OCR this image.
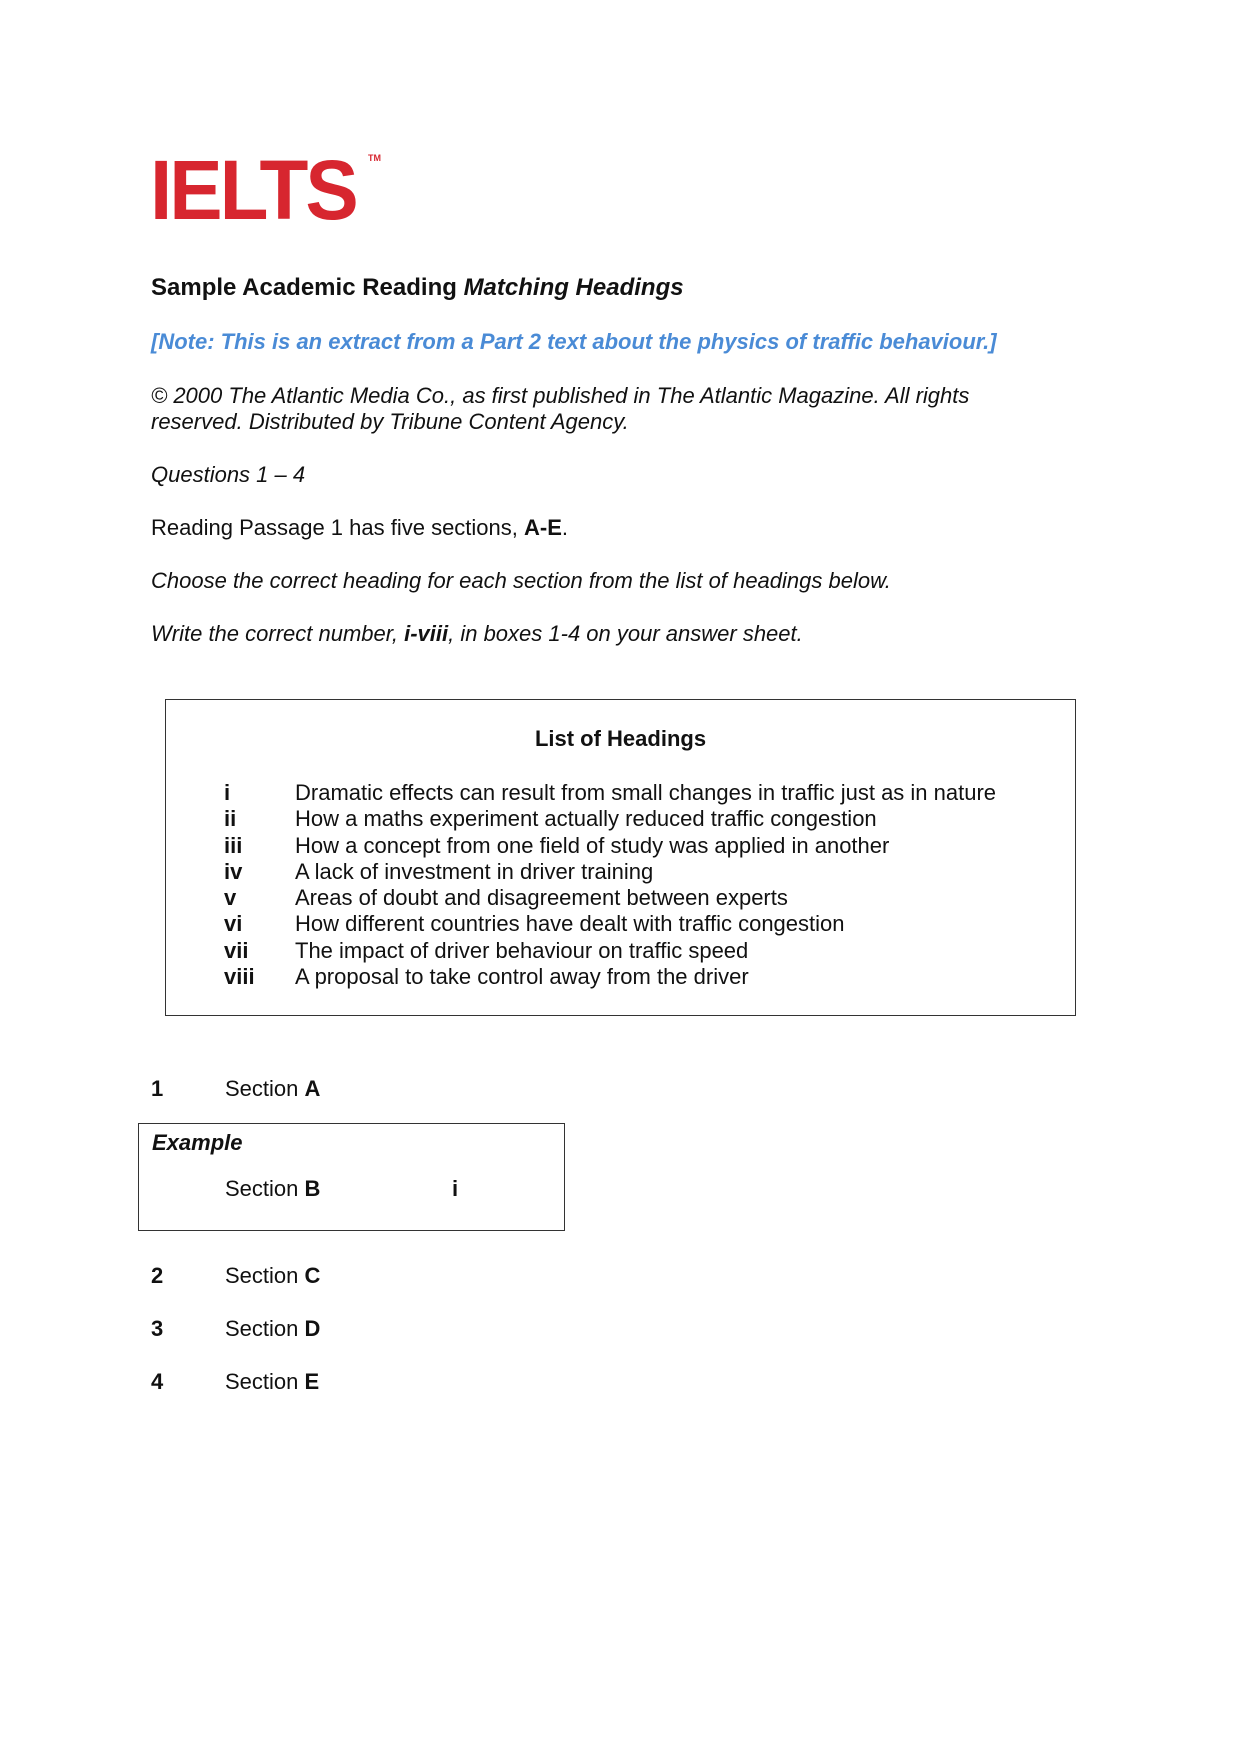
IELTS TM
Sample Academic Reading Matching Headings
[Note: This is an extract from a Part 2 text about the physics of traffic behaviour.]
© 2000 The Atlantic Media Co., as first published in The Atlantic Magazine. All rights reserved. Distributed by Tribune Content Agency.
Questions 1 – 4
Reading Passage 1 has five sections, A-E.
Choose the correct heading for each section from the list of headings below.
Write the correct number, i-viii, in boxes 1-4 on your answer sheet.
List of Headings
i	Dramatic effects can result from small changes in traffic just as in nature
ii	How a maths experiment actually reduced traffic congestion
iii How a concept from one field of study was applied in another
iv A lack of investment in driver training
v	Areas of doubt and disagreement between experts
vi How different countries have dealt with traffic congestion
vii The impact of driver behaviour on traffic speed
viii A proposal to take control away from the driver
1	Section A
Example
Section B	i
2	Section C
3	Section D
4	Section E
